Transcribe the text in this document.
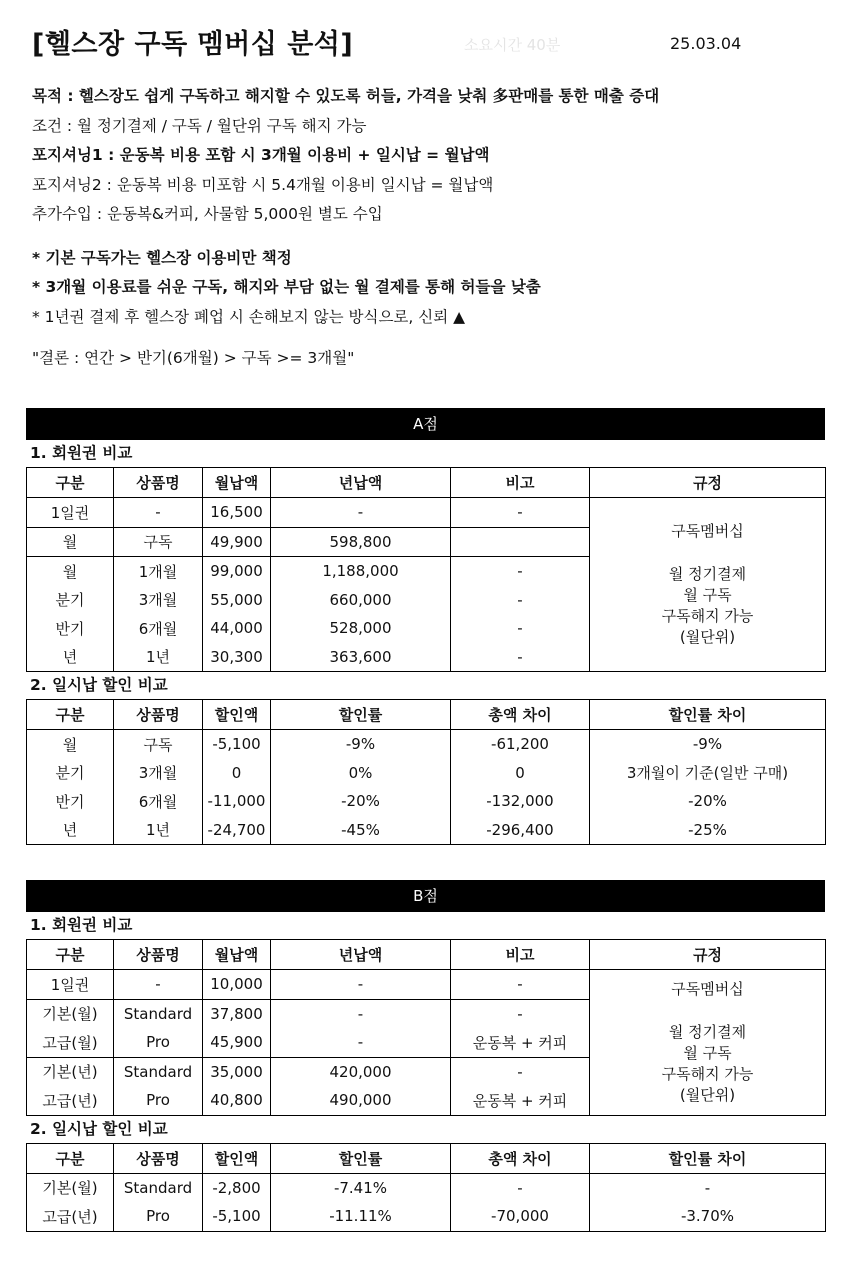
[헬스장 구독 멤버십 분석]	소요시간 40분	25.03.04
목적 : 헬스장도 쉽게 구독하고 해지할 수 있도록 허들, 가격을 낮춰 多판매를 통한 매출 증대
조건 : 월 정기결제 / 구독 / 월단위 구독 해지 가능
포지셔닝1 : 운동복 비용 포함 시 3개월 이용비 + 일시납 = 월납액
포지셔닝2 : 운동복 비용 미포함 시 5.4개월 이용비 일시납 = 월납액
추가수입 : 운동복&커피, 사물함 5,000원 별도 수입
* 기본 구독가는 헬스장 이용비만 책정
* 3개월 이용료를 쉬운 구독, 해지와 부담 없는 월 결제를 통해 허들을 낮춤
* 1년권 결제 후 헬스장 폐업 시 손해보지 않는 방식으로, 신뢰 ▲
"결론 : 연간 > 반기(6개월) > 구독 >= 3개월"
A점
1. 회원권 비교
구분	상품명	월납액	년납액	비고	규정
1일권	-	16,500	-	-	구독멤버십
월 정기결제
월 구독
구독해지 가능
(월단위)

월	구독	49,900	598,800		
월	1개월	99,000	1,188,000	-	
분기	3개월	55,000	660,000	-	
반기	6개월	44,000	528,000	-	
년	1년	30,300	363,600	-	
2. 일시납 할인 비교
구분	상품명	할인액	할인률	총액 차이	할인률 차이
월	구독	-5,100	-9%	-61,200	-9%
분기	3개월	0	0%	0	3개월이 기준(일반 구매)
반기	6개월	-11,000	-20%	-132,000	-20%
년	1년	-24,700	-45%	-296,400	-25%
B점
1. 회원권 비교
구분	상품명	월납액	년납액	비고	규정
1일권	-	10,000	-	-	구독멤버십
월 정기결제
월 구독
구독해지 가능
(월단위)

기본(월)	Standard	37,800	-	-	
고급(월)	Pro	45,900	-	운동복 + 커피	
기본(년)	Standard	35,000	420,000	-	
고급(년)	Pro	40,800	490,000	운동복 + 커피	
2. 일시납 할인 비교
구분	상품명	할인액	할인률	총액 차이	할인률 차이
기본(월)	Standard	-2,800	-7.41%	-	-
고급(년)	Pro	-5,100	-11.11%	-70,000	-3.70%
